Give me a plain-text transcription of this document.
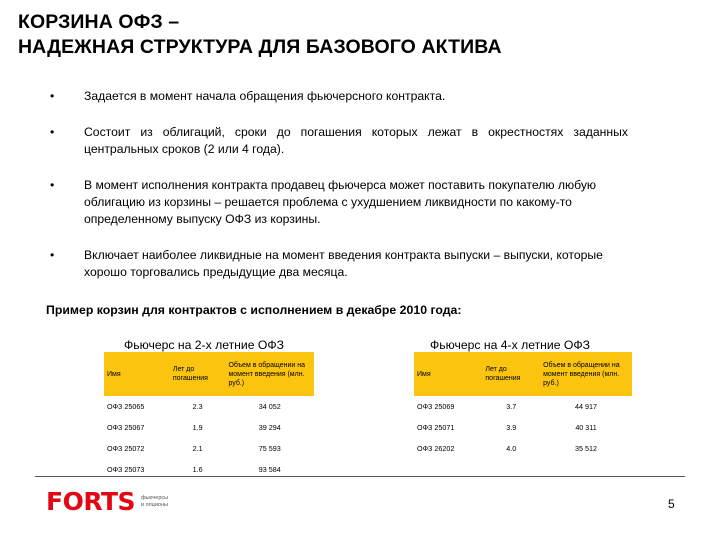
КОРЗИНА ОФЗ –
НАДЕЖНАЯ СТРУКТУРА ДЛЯ БАЗОВОГО АКТИВА
• Задается в момент начала обращения фьючерсного контракта.
• Состоит из облигаций, сроки до погашения которых лежат в окрестностях заданных центральных сроков (2 или 4 года).
• В момент исполнения контракта продавец фьючерса может поставить покупателю любую облигацию из корзины – решается проблема с ухудшением ликвидности по какому-то определенному выпуску ОФЗ из корзины.
• Включает наиболее ликвидные на момент введения контракта выпуски – выпуски, которые хорошо торговались предыдущие два месяца.
Пример корзин для контрактов с исполнением в декабре 2010 года:
Фьючерс на 2-х летние ОФЗ	Фьючерс на 4-х летние ОФЗ
Имя	Лет до погашения	Объем в обращении на момент введения (млн. руб.)
ОФЗ 25065	2.3	34 052
ОФЗ 25067	1.9	39 294
ОФЗ 25072	2.1	75 593
ОФЗ 25073	1.6	93 584
Имя	Лет до погашения	Объем в обращении на момент введения (млн. руб.)
ОФЗ 25069	3.7	44 917
ОФЗ 25071	3.9	40 311
ОФЗ 26202	4.0	35 512
FORTS фьючерсы
и опционы	5
